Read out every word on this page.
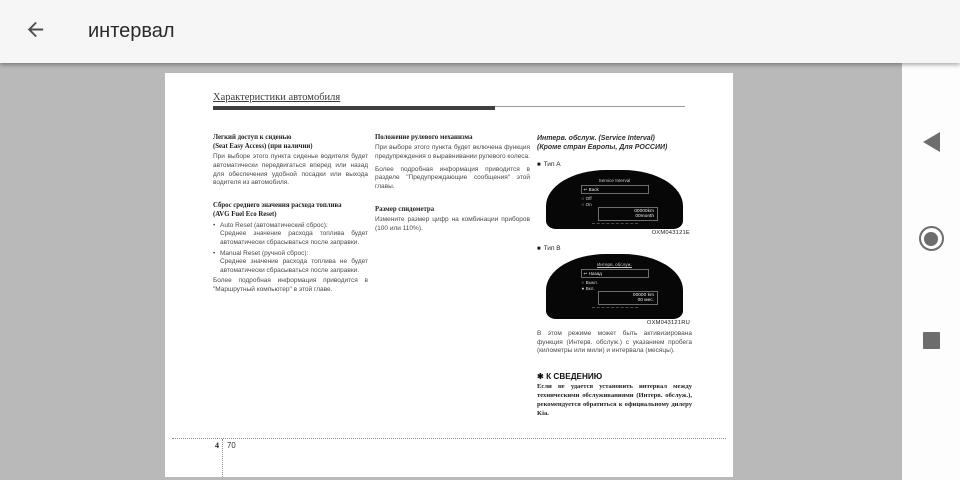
интервал
Характеристики автомобиля
Легкий доступ к сиденью
(Seat Easy Access) (при наличии)
При выборе этого пункта сиденье водителя будет автоматически передвигаться вперед или назад для обеспечения удобной посадки или выхода водителя из автомобиля.
Сброс среднего значения расхода топлива
(AVG Fuel Eco Reset)
• Auto Reset (автоматический сброс):
Среднее значение расхода топлива будет автоматически сбрасываться после заправки.
• Manual Reset (ручной сброс):
Среднее значение расхода топлива не будет автоматически сбрасываться после заправки.
Более подробная информация приводится в "Маршрутный компьютер" в этой главе.
Положение рулевого механизма
При выборе этого пункта будет включена функция предупреждения о выравнивании рулевого колеса.
Более подробная информация приводится в разделе "Предупреждающие сообщения" этой главы.
Размер спидометра
Измените размер цифр на комбинации приборов (100 или 110%).
Интерв. обслуж. (Service Interval)
(Кроме стран Европы, Для РОССИИ)
■ Тип A
Service Interval
↩ Back
○ Off
○ On
00000km
00month
OXM043121E
■ Тип B
Интерв. обслуж.
↩ Назад
○ Выкл.
● Вкл.
00000 km
00 мес.
OXM043121RU
В этом режиме может быть активизирована функция (Интерв. обслуж.) с указанием пробега (километры или мили) и интервала (месяцы).
✱ К СВЕДЕНИЮ
Если не удается установить интервал между техническими обслуживаниями (Интерв. обслуж.), рекомендуется обратиться к официальному дилеру Kia.
4 70
